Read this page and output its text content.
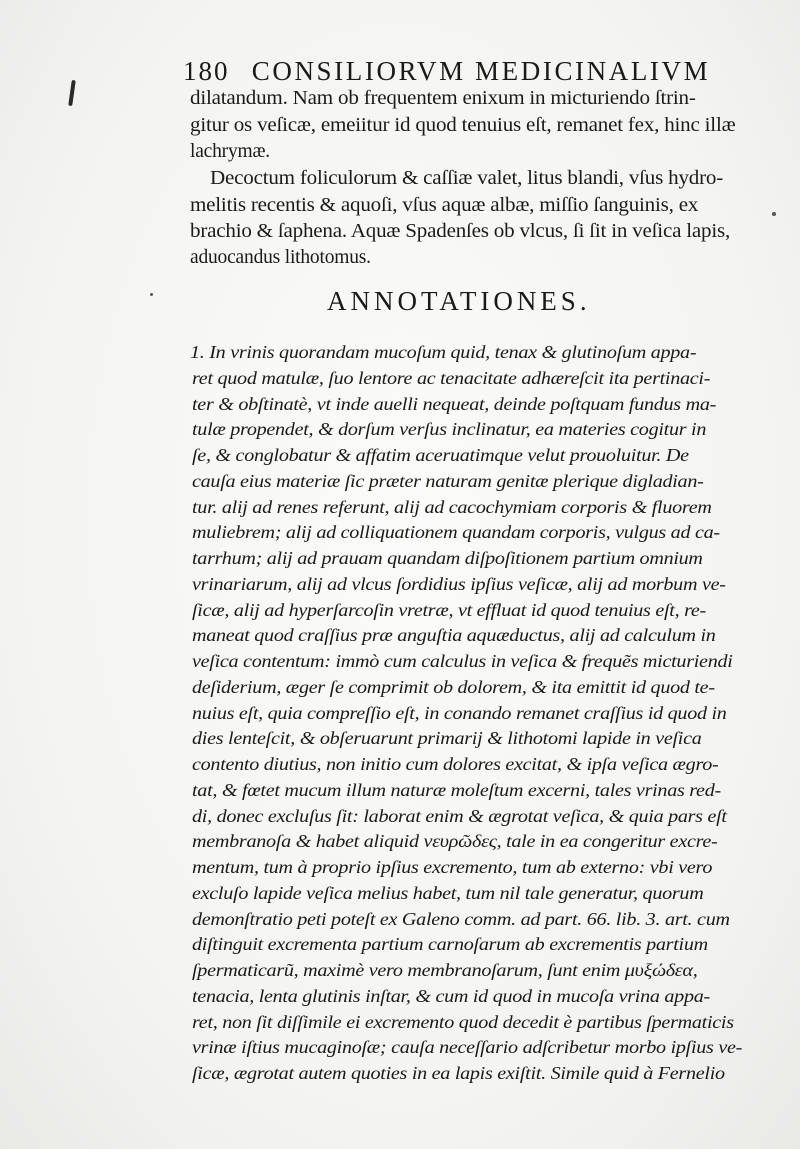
180 CONSILIORVM MEDICINALIVM
dilatandum. Nam ob frequentem enixum in micturiendo ſtrin-
gitur os veſicæ, emeiitur id quod tenuius eſt, remanet fex, hinc illæ
lachrymæ.
Decoctum foliculorum & caſſiæ valet, litus blandi, vſus hydro-
melitis recentis & aquoſi, vſus aquæ albæ, miſſio ſanguinis, ex
brachio & ſaphena. Aquæ Spadenſes ob vlcus, ſi ſit in veſica lapis,
aduocandus lithotomus.
ANNOTATIONES.
1. In vrinis quorandam mucoſum quid, tenax & glutinoſum appa-
ret quod matulæ, ſuo lentore ac tenacitate adhæreſcit ita pertinaci-
ter & obſtinatè, vt inde auelli nequeat, deinde poſtquam fundus ma-
tulæ propendet, & dorſum verſus inclinatur, ea materies cogitur in
ſe, & conglobatur & affatim aceruatimque velut prouoluitur. De
cauſa eius materiæ ſic præter naturam genitæ plerique digladian-
tur. alij ad renes referunt, alij ad cacochymiam corporis & fluorem
muliebrem; alij ad colliquationem quandam corporis, vulgus ad ca-
tarrhum; alij ad prauam quandam diſpoſitionem partium omnium
vrinariarum, alij ad vlcus ſordidius ipſius veſicæ, alij ad morbum ve-
ſicæ, alij ad hyperſarcoſin vretræ, vt effluat id quod tenuius eſt, re-
maneat quod craſſius præ anguſtia aquæductus, alij ad calculum in
veſica contentum: immò cum calculus in veſica & frequẽs micturiendi
deſiderium, æger ſe comprimit ob dolorem, & ita emittit id quod te-
nuius eſt, quia compreſſio eſt, in conando remanet craſſius id quod in
dies lenteſcit, & obſeruarunt primarij & lithotomi lapide in veſica
contento diutius, non initio cum dolores excitat, & ipſa veſica ægro-
tat, & fœtet mucum illum naturæ moleſtum excerni, tales vrinas red-
di, donec excluſus ſit: laborat enim & ægrotat veſica, & quia pars eſt
membranoſa & habet aliquid νευρῶδες, tale in ea congeritur excre-
mentum, tum à proprio ipſius excremento, tum ab externo: vbi vero
excluſo lapide veſica melius habet, tum nil tale generatur, quorum
demonſtratio peti poteſt ex Galeno comm. ad part. 66. lib. 3. art. cum
diſtinguit excrementa partium carnoſarum ab excrementis partium
ſpermaticarũ, maximè vero membranoſarum, ſunt enim μυξώδεα,
tenacia, lenta glutinis inſtar, & cum id quod in mucoſa vrina appa-
ret, non ſit diſſimile ei excremento quod decedit è partibus ſpermaticis
vrinæ iſtius mucaginoſæ; cauſa neceſſario adſcribetur morbo ipſius ve-
ſicæ, ægrotat autem quoties in ea lapis exiſtit. Simile quid à Fernelio
